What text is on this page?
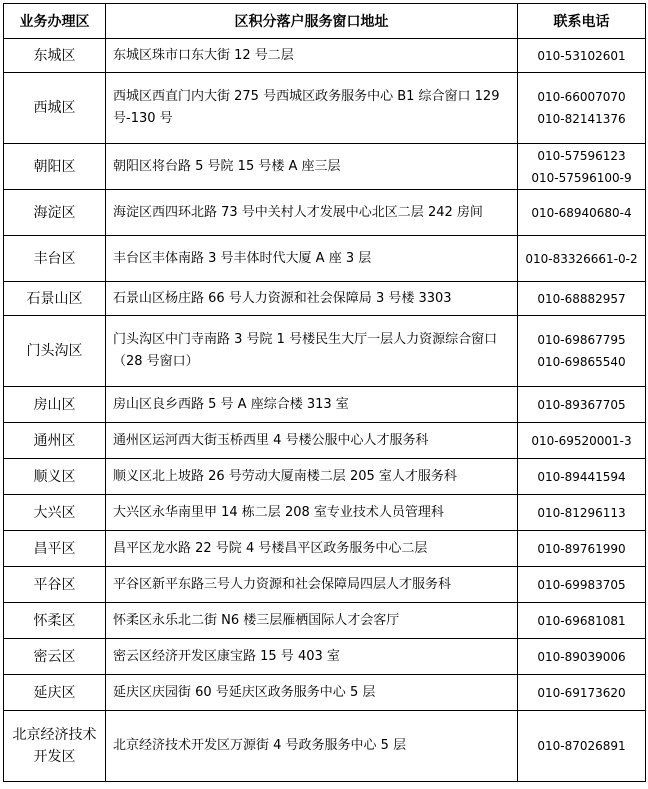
业务办理区	区积分落户服务窗口地址	联系电话
东城区	东城区珠市口东大街 12 号二层	010-53102601

西城区	西城区西直门内大街 275 号西城区政务服务中心 B1 综合窗口 129 号-130 号	010-66007070
010-82141376

朝阳区	朝阳区将台路 5 号院 15 号楼 A 座三层	010-57596123
010-57596100-9

海淀区	海淀区西四环北路 73 号中关村人才发展中心北区二层 242 房间	010-68940680-4

丰台区	丰台区丰体南路 3 号丰体时代大厦 A 座 3 层	010-83326661-0-2

石景山区	石景山区杨庄路 66 号人力资源和社会保障局 3 号楼 3303	010-68882957

门头沟区	门头沟区中门寺南路 3 号院 1 号楼民生大厅一层人力资源综合窗口（28 号窗口）	010-69867795
010-69865540

房山区	房山区良乡西路 5 号 A 座综合楼 313 室	010-89367705

通州区	通州区运河西大街玉桥西里 4 号楼公服中心人才服务科	010-69520001-3

顺义区	顺义区北上坡路 26 号劳动大厦南楼二层 205 室人才服务科	010-89441594

大兴区	大兴区永华南里甲 14 栋二层 208 室专业技术人员管理科	010-81296113

昌平区	昌平区龙水路 22 号院 4 号楼昌平区政务服务中心二层	010-89761990

平谷区	平谷区新平东路三号人力资源和社会保障局四层人才服务科	010-69983705

怀柔区	怀柔区永乐北二街 N6 楼三层雁栖国际人才会客厅	010-69681081

密云区	密云区经济开发区康宝路 15 号 403 室	010-89039006

延庆区	延庆区庆园街 60 号延庆区政务服务中心 5 层	010-69173620

北京经济技术开发区	北京经济技术开发区万源街 4 号政务服务中心 5 层	010-87026891
